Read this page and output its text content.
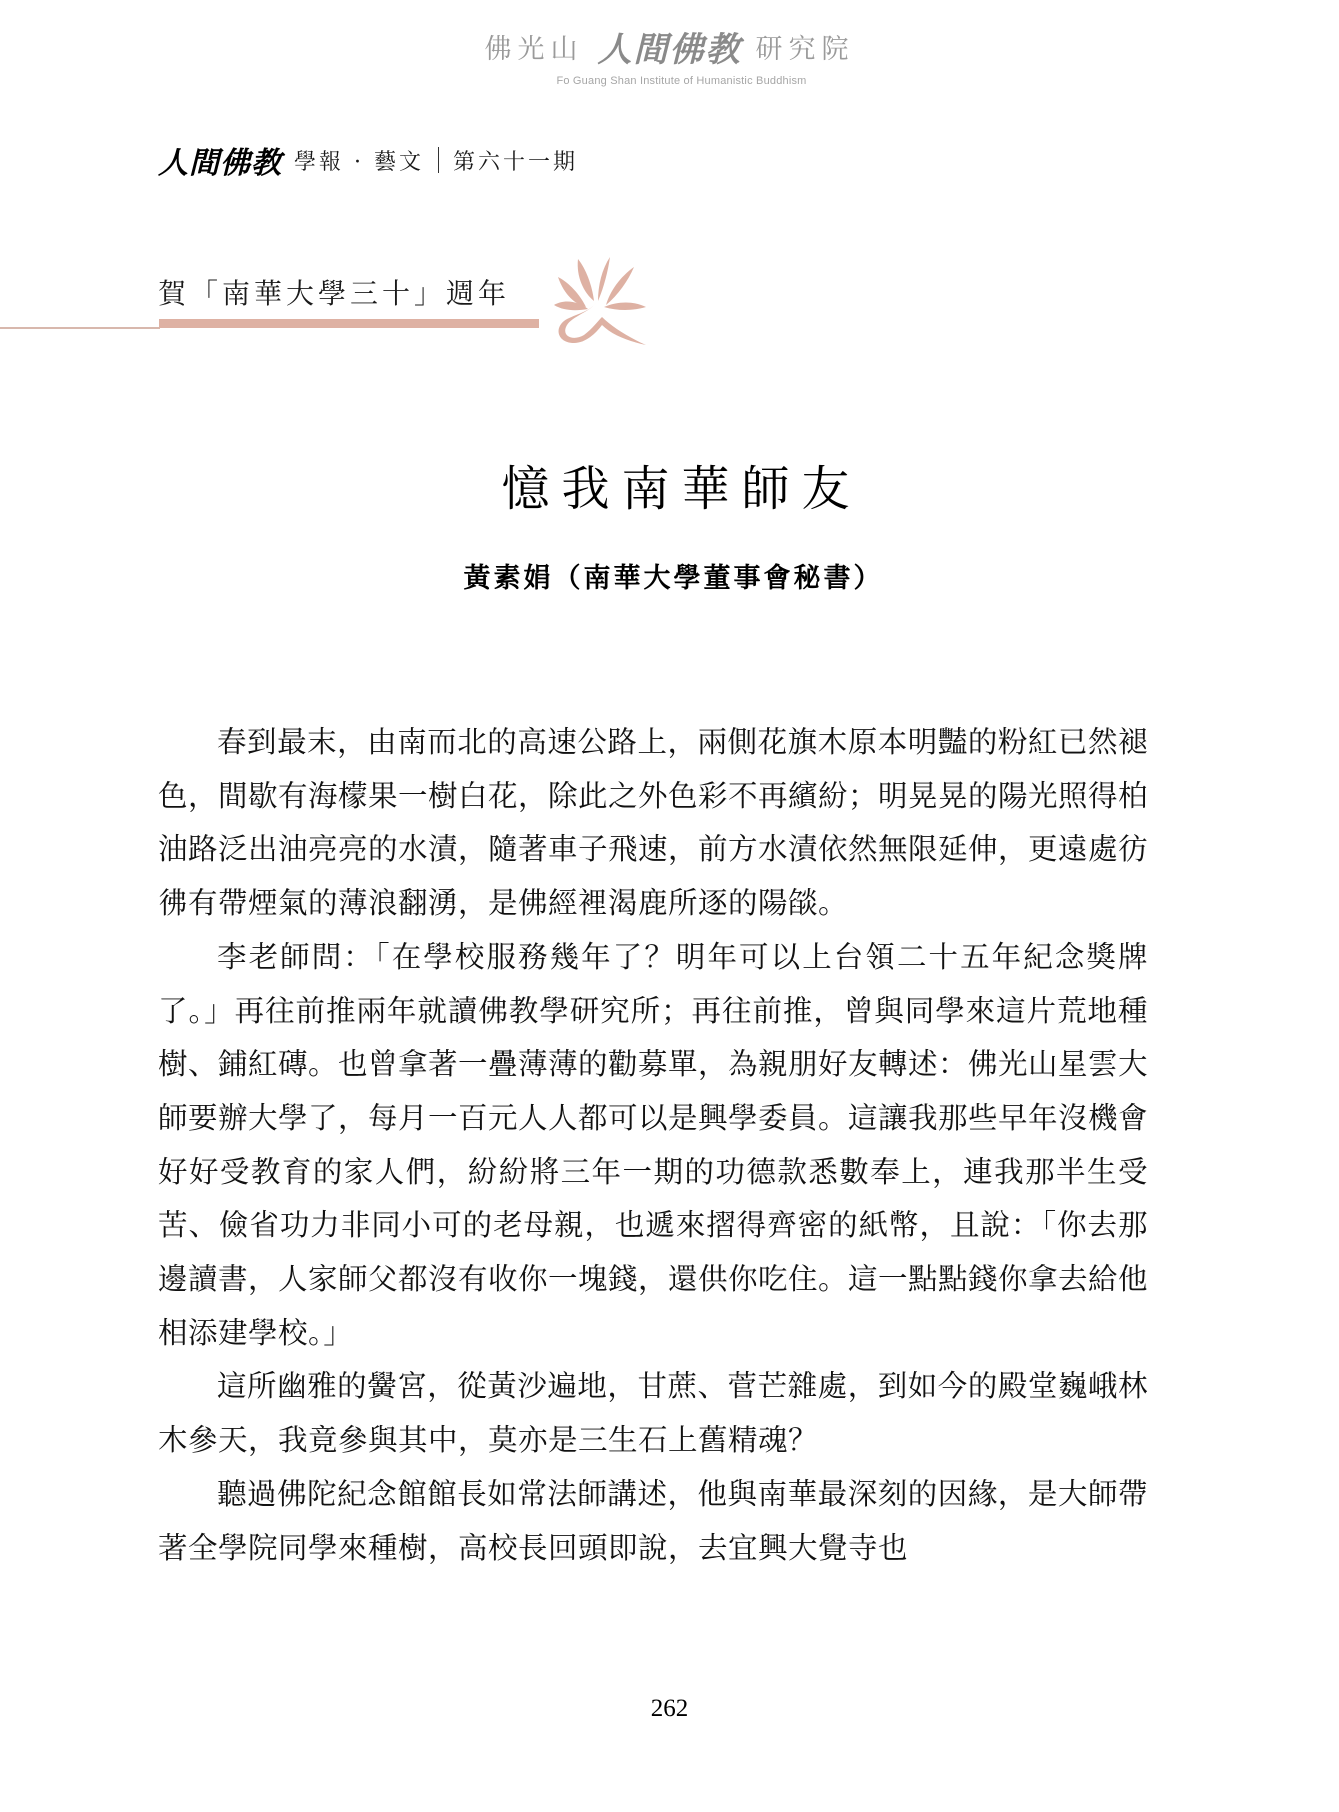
佛光山 人間佛教 研究院
Fo Guang Shan Institute of Humanistic Buddhism
人間佛教 學報 · 藝文 第六十一期
賀「南華大學三十」週年
憶我南華師友
黃素娟（南華大學董事會秘書）

春到最末，由南而北的高速公路上，兩側花旗木原本明豔的粉紅已然褪色，間歇有海檬果一樹白花，除此之外色彩不再繽紛；明晃晃的陽光照得柏油路泛出油亮亮的水漬，隨著車子飛速，前方水漬依然無限延伸，更遠處彷彿有帶煙氣的薄浪翻湧，是佛經裡渴鹿所逐的陽燄。

李老師問：「在學校服務幾年了？明年可以上台領二十五年紀念獎牌了。」再往前推兩年就讀佛教學研究所；再往前推，曾與同學來這片荒地種樹、鋪紅磚。也曾拿著一疊薄薄的勸募單，為親朋好友轉述：佛光山星雲大師要辦大學了，每月一百元人人都可以是興學委員。這讓我那些早年沒機會好好受教育的家人們，紛紛將三年一期的功德款悉數奉上，連我那半生受苦、儉省功力非同小可的老母親，也遞來摺得齊密的紙幣，且說：「你去那邊讀書，人家師父都沒有收你一塊錢，還供你吃住。這一點點錢你拿去給他相添建學校。」

這所幽雅的黌宮，從黃沙遍地，甘蔗、菅芒雜處，到如今的殿堂巍峨林木參天，我竟參與其中，莫亦是三生石上舊精魂？

聽過佛陀紀念館館長如常法師講述，他與南華最深刻的因緣，是大師帶著全學院同學來種樹，高校長回頭即說，去宜興大覺寺也

262
